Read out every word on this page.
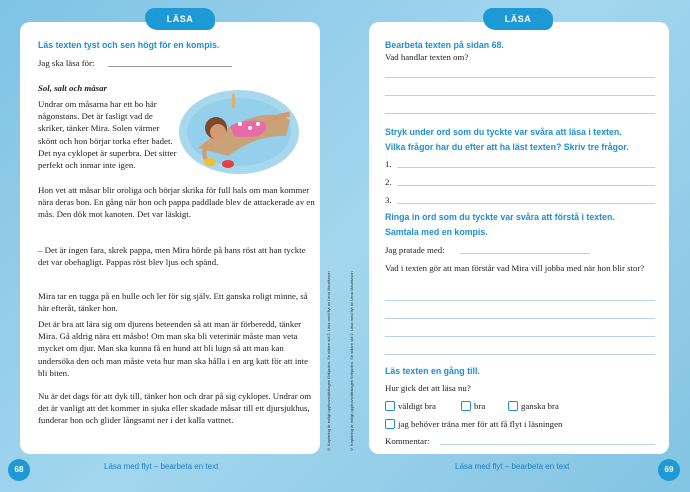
LÄSA
Läs texten tyst och sen högt för en kompis.
Jag ska läsa för:
Sol, salt och måsar
Undrar om måsarna har ett bo här någonstans. Det är fasligt vad de skriker, tänker Mira. Solen värmer skönt och hon börjar torka efter badet. Det nya cyklopet är superbra. Det sitter perfekt och inmar inte igen.
Hon vet att måsar blir oroliga och börjar skrika för full hals om man kommer nära deras bon. En gång när hon och pappa paddlade blev de attackerade av en mås. Den dök mot kanoten. Det var läskigt.
– Det är ingen fara, skrek pappa, men Mira hörde på hans röst att han tyckte det var obehagligt. Pappas röst blev ljus och spänd.
Mira tar en tugga på en bulle och ler för sig själv. Ett ganska roligt minne, så här efteråt, tänker hon.
Det är bra att lära sig om djurens beteenden så att man är förberedd, tänker Mira. Gå aldrig nära ett måsbo! Om man ska bli veterinär måste man veta mycket om djur. Man ska kunna få en hund att bli lugn så att man kan undersöka den och man måste veta hur man ska hålla i en arg katt för att inte bli biten.
Nu är det dags för att dyk till, tänker hon och drar på sig cyklopet. Undrar om det är vanligt att det kommer in sjuka eller skadade måsar till ett djursjukhus, funderar hon och glider långsamt ner i det kalla vattnet.	© Kopiering är enligt upphovsrättslagen förbjuden. Se vidare sid 2. Läsa med flyt av Lena Mauritzson
68	Läsa med flyt – bearbeta en text
LÄSA
© Kopiering är enligt upphovsrättslagen förbjuden. Se vidare sid 2. Läsa med flyt av Lena Mauritzson
Bearbeta texten på sidan 68.
Vad handlar texten om?
Stryk under ord som du tyckte var svåra att läsa i texten.
Vilka frågor har du efter att ha läst texten? Skriv tre frågor.
1.
2.
3.
Ringa in ord som du tyckte var svåra att förstå i texten.
Samtala med en kompis.
Jag pratade med:
Vad i texten gör att man förstår vad Mira vill jobba med när hon blir stor?
Läs texten en gång till.
Hur gick det att läsa nu?
väldigt bra	bra	ganska bra
jag behöver träna mer för att få flyt i läsningen
Kommentar:
Läsa med flyt – bearbeta en text	69
